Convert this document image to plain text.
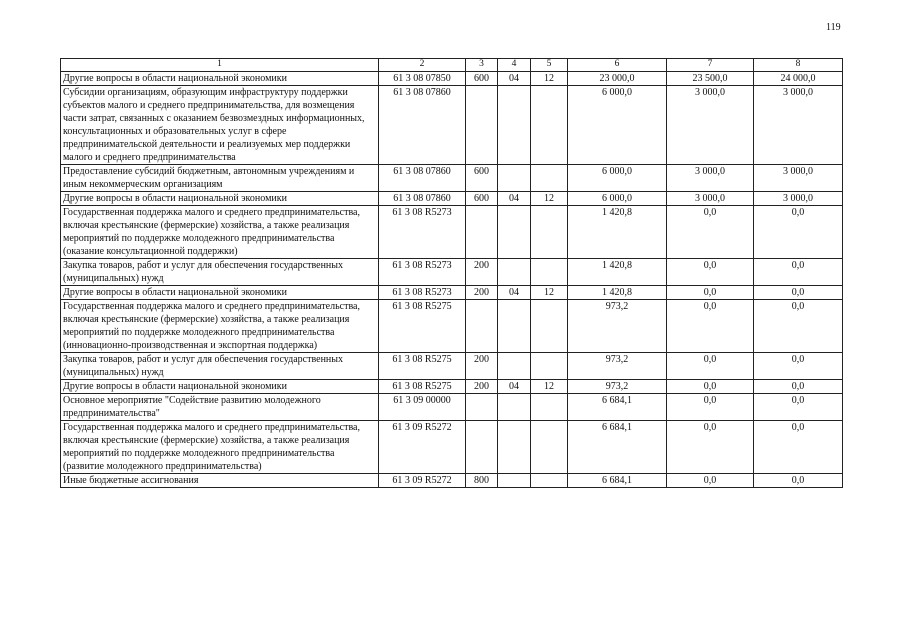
119
1	2	3	4	5	6	7	8
Другие вопросы в области национальной экономики	61 3 08 07850	600	04	12	23 000,0	23 500,0	24 000,0
Субсидии организациям, образующим инфраструктуру поддержки субъектов малого и среднего предпринимательства, для возмещения части затрат, связанных с оказанием безвозмездных информационных, консультационных и образовательных услуг в сфере предпринимательской деятельности и реализуемых мер поддержки малого и среднего предпринимательства	61 3 08 07860				6 000,0	3 000,0	3 000,0
Предоставление субсидий бюджетным, автономным учреждениям и иным некоммерческим организациям	61 3 08 07860	600			6 000,0	3 000,0	3 000,0
Другие вопросы в области национальной экономики	61 3 08 07860	600	04	12	6 000,0	3 000,0	3 000,0
Государственная поддержка малого и среднего предпринимательства, включая крестьянские (фермерские) хозяйства, а также реализация мероприятий по поддержке молодежного предпринимательства (оказание консультационной поддержки)	61 3 08 R5273				1 420,8	0,0	0,0
Закупка товаров, работ и услуг для обеспечения государственных (муниципальных) нужд	61 3 08 R5273	200			1 420,8	0,0	0,0
Другие вопросы в области национальной экономики	61 3 08 R5273	200	04	12	1 420,8	0,0	0,0
Государственная поддержка малого и среднего предпринимательства, включая крестьянские (фермерские) хозяйства, а также реализация мероприятий по поддержке молодежного предпринимательства (инновационно-производственная и экспортная поддержка)	61 3 08 R5275				973,2	0,0	0,0
Закупка товаров, работ и услуг для обеспечения государственных (муниципальных) нужд	61 3 08 R5275	200			973,2	0,0	0,0
Другие вопросы в области национальной экономики	61 3 08 R5275	200	04	12	973,2	0,0	0,0
Основное мероприятие "Содействие развитию молодежного предпринимательства"	61 3 09 00000				6 684,1	0,0	0,0
Государственная поддержка малого и среднего предпринимательства, включая крестьянские (фермерские) хозяйства, а также реализация мероприятий по поддержке молодежного предпринимательства (развитие молодежного предпринимательства)	61 3 09 R5272				6 684,1	0,0	0,0
Иные бюджетные ассигнования	61 3 09 R5272	800			6 684,1	0,0	0,0
